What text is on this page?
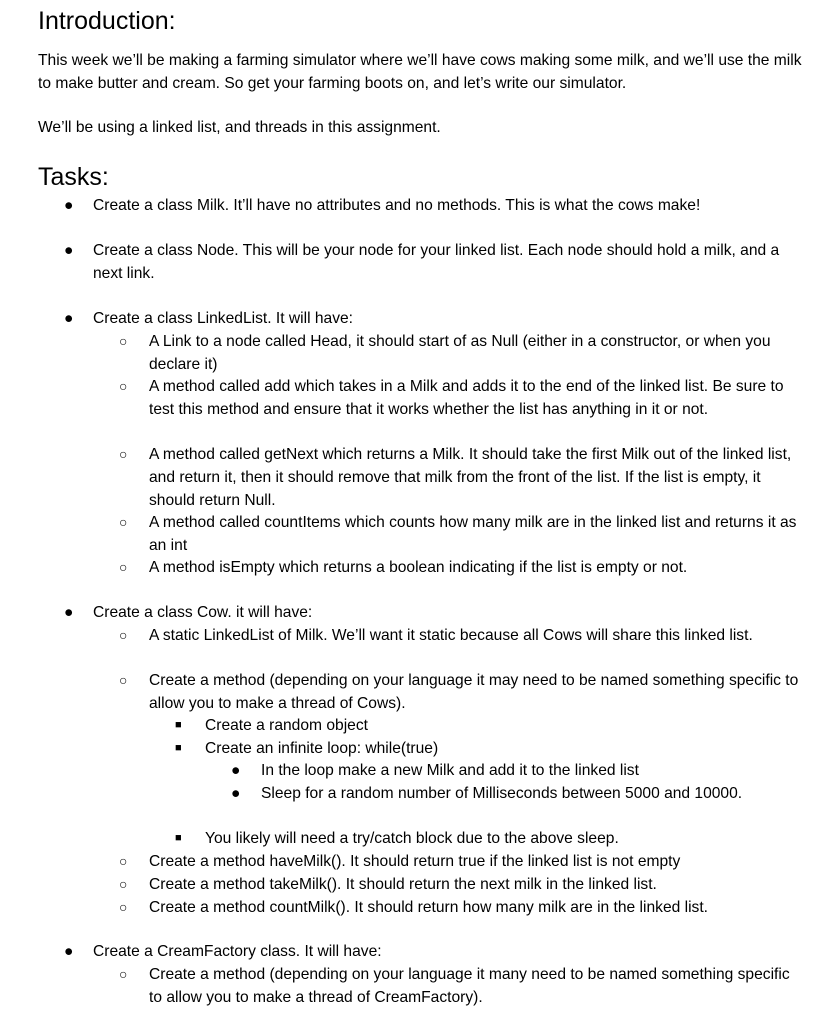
Introduction:

This week we’ll be making a farming simulator where we’ll have cows making some milk, and we’ll use the milk to make butter and cream. So get your farming boots on, and let’s write our simulator.

We’ll be using a linked list, and threads in this assignment.

Tasks:
● Create a class Milk. It’ll have no attributes and no methods. This is what the cows make!

● Create a class Node. This will be your node for your linked list. Each node should hold a milk, and a next link.

● Create a class LinkedList. It will have:

○ A Link to a node called Head, it should start of as Null (either in a constructor, or when you declare it)

○ A method called add which takes in a Milk and adds it to the end of the linked list. Be sure to test this method and ensure that it works whether the list has anything in it or not.

○ A method called getNext which returns a Milk. It should take the first Milk out of the linked list, and return it, then it should remove that milk from the front of the list. If the list is empty, it should return Null.

○ A method called countItems which counts how many milk are in the linked list and returns it as an int

○ A method isEmpty which returns a boolean indicating if the list is empty or not.

● Create a class Cow. it will have:

○ A static LinkedList of Milk. We’ll want it static because all Cows will share this linked list.

○ Create a method (depending on your language it may need to be named something specific to allow you to make a thread of Cows).

■ Create a random object

■ Create an infinite loop: while(true)

● In the loop make a new Milk and add it to the linked list

● Sleep for a random number of Milliseconds between 5000 and 10000.

■ You likely will need a try/catch block due to the above sleep.

○ Create a method haveMilk(). It should return true if the linked list is not empty

○ Create a method takeMilk(). It should return the next milk in the linked list.

○ Create a method countMilk(). It should return how many milk are in the linked list.

● Create a CreamFactory class. It will have:

○ Create a method (depending on your language it many need to be named something specific to allow you to make a thread of CreamFactory).
